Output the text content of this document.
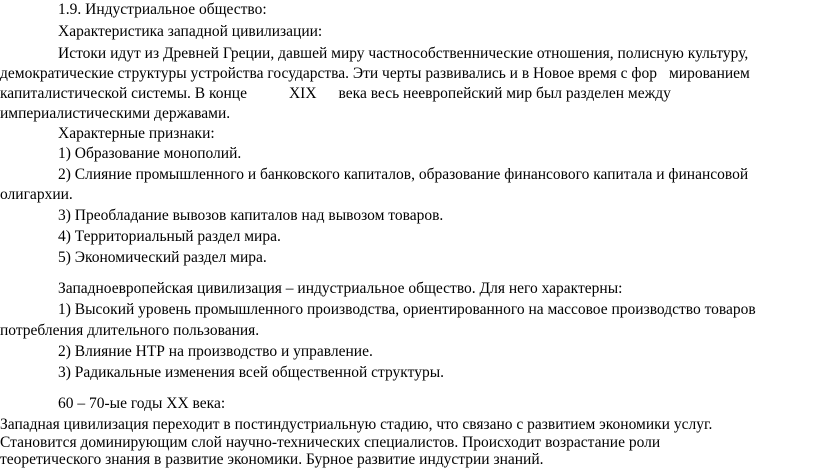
1.9. Индустриальное общество:
Характеристика западной цивилизации:
Истоки идут из Древней Греции, давшей миру частнособственнические отношения, полисную культуру,
демократические структуры устройства государства. Эти черты развивались и в Новое время с фор мированием
капиталистической системы. В конце	XIX века весь неевропейский мир был разделен между
империалистическими державами.
Характерные признаки:
1) Образование монополий.
2) Слияние промышленного и банковского капиталов, образование финансового капитала и финансовой
олигархии.
3) Преобладание вывозов капиталов над вывозом товаров.
4) Территориальный раздел мира.
5) Экономический раздел мира.
Западноевропейская цивилизация – индустриальное общество. Для него характерны:
1) Высокий уровень промышленного производства, ориентированного на массовое производство товаров
потребления длительного пользования.
2) Влияние НТР на производство и управление.
3) Радикальные изменения всей общественной структуры.
60 – 70-ые годы XX века:
Западная цивилизация переходит в постиндустриальную стадию, что связано с развитием экономики услуг.
Становится доминирующим слой научно-технических специалистов. Происходит возрастание роли
теоретического знания в развитие экономики. Бурное развитие индустрии знаний.
